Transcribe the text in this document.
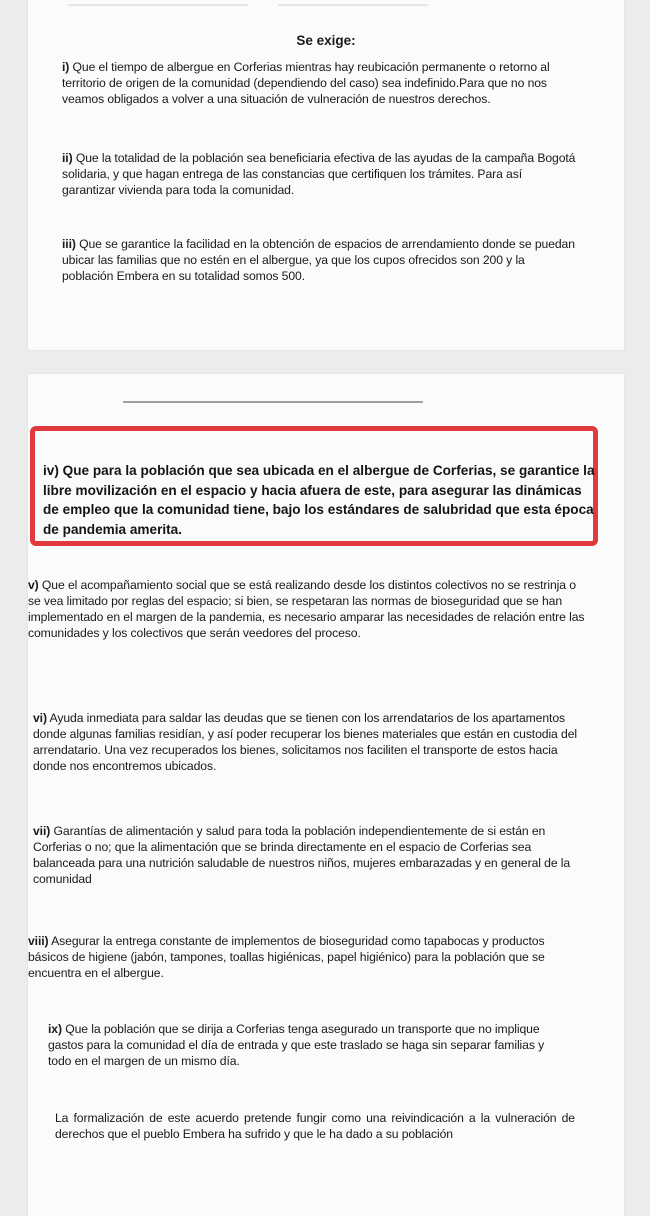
Se exige:
i) Que el tiempo de albergue en Corferias mientras hay reubicación permanente o retorno al territorio de origen de la comunidad (dependiendo del caso) sea indefinido.Para que no nos veamos obligados a volver a una situación de vulneración de nuestros derechos.
ii) Que la totalidad de la población sea beneficiaria efectiva de las ayudas de la campaña Bogotá solidaria, y que hagan entrega de las constancias que certifiquen los trámites. Para así garantizar vivienda para toda la comunidad.
iii) Que se garantice la facilidad en la obtención de espacios de arrendamiento donde se puedan ubicar las familias que no estén en el albergue, ya que los cupos ofrecidos son 200 y la población Embera en su totalidad somos 500.
v) Que el acompañamiento social que se está realizando desde los distintos colectivos no se restrinja o se vea limitado por reglas del espacio; si bien, se respetaran las normas de bioseguridad que se han implementado en el margen de la pandemia, es necesario amparar las necesidades de relación entre las comunidades y los colectivos que serán veedores del proceso.
vi) Ayuda inmediata para saldar las deudas que se tienen con los arrendatarios de los apartamentos donde algunas familias residían, y así poder recuperar los bienes materiales que están en custodia del arrendatario. Una vez recuperados los bienes, solicitamos nos faciliten el transporte de estos hacia donde nos encontremos ubicados.
vii) Garantías de alimentación y salud para toda la población independientemente de si están en Corferias o no; que la alimentación que se brinda directamente en el espacio de Corferias sea balanceada para una nutrición saludable de nuestros niños, mujeres embarazadas y en general de la comunidad
viii) Asegurar la entrega constante de implementos de bioseguridad como tapabocas y productos básicos de higiene (jabón, tampones, toallas higiénicas, papel higiénico) para la población que se encuentra en el albergue.
ix) Que la población que se dirija a Corferias tenga asegurado un transporte que no implique gastos para la comunidad el día de entrada y que este traslado se haga sin separar familias y todo en el margen de un mismo día.
La formalización de este acuerdo pretende fungir como una reivindicación a la vulneración de derechos que el pueblo Embera ha sufrido y que le ha dado a su población
iv) Que para la población que sea ubicada en el albergue de Corferias, se garantice la libre movilización en el espacio y hacia afuera de este, para asegurar las dinámicas de empleo que la comunidad tiene, bajo los estándares de salubridad que esta época de pandemia amerita.
